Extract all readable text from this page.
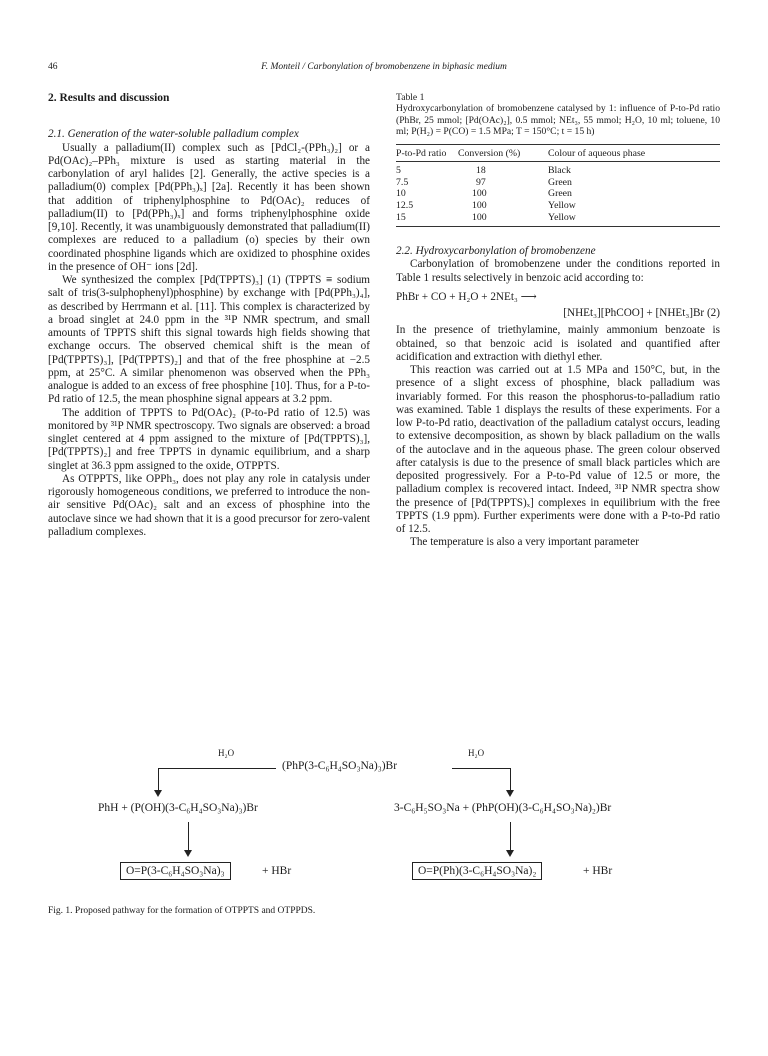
46	F. Monteil / Carbonylation of bromobenzene in biphasic medium

2. Results and discussion

2.1. Generation of the water-soluble palladium complex

Usually a palladium(II) complex such as [PdCl₂-(PPh₃)₂] or a Pd(OAc)₂–PPh₃ mixture is used as starting material in the carbonylation of aryl halides [2]. Generally, the active species is a palladium(0) complex [Pd(PPh₃)ₓ] [2a]. Recently it has been shown that addition of triphenylphosphine to Pd(OAc)₂ reduces of palladium(II) to [Pd(PPh₃)ₓ] and forms triphenylphosphine oxide [9,10]. Recently, it was unambiguously demonstrated that palladium(II) complexes are reduced to a palladium (o) species by their own coordinated phosphine ligands which are oxidized to phosphine oxides in the presence of OH⁻ ions [2d].

We synthesized the complex [Pd(TPPTS)₃] (1) (TPPTS ≡ sodium salt of tris(3-sulphophenyl)phosphine) by exchange with [Pd(PPh₃)₄], as described by Herrmann et al. [11]. This complex is characterized by a broad singlet at 24.0 ppm in the ³¹P NMR spectrum, and small amounts of TPPTS shift this signal towards high fields showing that exchange occurs. The observed chemical shift is the mean of [Pd(TPPTS)₃], [Pd(TPPTS)₂] and that of the free phosphine at −2.5 ppm, at 25°C. A similar phenomenon was observed when the PPh₃ analogue is added to an excess of free phosphine [10]. Thus, for a P-to-Pd ratio of 12.5, the mean phosphine signal appears at 3.2 ppm.

The addition of TPPTS to Pd(OAc)₂ (P-to-Pd ratio of 12.5) was monitored by ³¹P NMR spectroscopy. Two signals are observed: a broad singlet centered at 4 ppm assigned to the mixture of [Pd(TPPTS)₃], [Pd(TPPTS)₂] and free TPPTS in dynamic equilibrium, and a sharp singlet at 36.3 ppm assigned to the oxide, OTPPTS.

As OTPPTS, like OPPh₃, does not play any role in catalysis under rigorously homogeneous conditions, we preferred to introduce the non-air sensitive Pd(OAc)₂ salt and an excess of phosphine into the autoclave since we had shown that it is a good precursor for zero-valent palladium complexes.

Table 1

Hydroxycarbonylation of bromobenzene catalysed by 1: influence of P-to-Pd ratio (PhBr, 25 mmol; [Pd(OAc)₂], 0.5 mmol; NEt₃, 55 mmol; H₂O, 10 ml; toluene, 10 ml; P(H₂) = P(CO) = 1.5 MPa; T = 150°C; t = 15 h)

P-to-Pd ratio	Conversion (%)	Colour of aqueous phase
5	18	Black
7.5	97	Green
10	100	Green
12.5	100	Yellow
15	100	Yellow

2.2. Hydroxycarbonylation of bromobenzene

Carbonylation of bromobenzene under the conditions reported in Table 1 results selectively in benzoic acid according to:

PhBr + CO + H₂O + 2NEt₃ ⟶

[NHEt₃][PhCOO] + [NHEt₃]Br (2)

In the presence of triethylamine, mainly ammonium benzoate is obtained, so that benzoic acid is isolated and quantified after acidification and extraction with diethyl ether.

This reaction was carried out at 1.5 MPa and 150°C, but, in the presence of a slight excess of phosphine, black palladium was invariably formed. For this reason the phosphorus-to-palladium ratio was examined. Table 1 displays the results of these experiments. For a low P-to-Pd ratio, deactivation of the palladium catalyst occurs, leading to extensive decomposition, as shown by black palladium on the walls of the autoclave and in the aqueous phase. The green colour observed after catalysis is due to the presence of small black particles which are deposited progressively. For a P-to-Pd value of 12.5 or more, the palladium complex is recovered intact. Indeed, ³¹P NMR spectra show the presence of [Pd(TPPTS)ₓ] complexes in equilibrium with the free TPPTS (1.9 ppm). Further experiments were done with a P-to-Pd ratio of 12.5.

The temperature is also a very important parameter

(PhP(3-C₆H₄SO₃Na)₃)Br
H₂O	H₂O
PhH + (P(OH)(3-C₆H₄SO₃Na)₃)Br	3-C₆H₅SO₃Na + (PhP(OH)(3-C₆H₄SO₃Na)₂)Br
O=P(3-C₆H₄SO₃Na)₃	+ HBr	O=P(Ph)(3-C₆H₄SO₃Na)₂	+ HBr
Fig. 1. Proposed pathway for the formation of OTPPTS and OTPPDS.
